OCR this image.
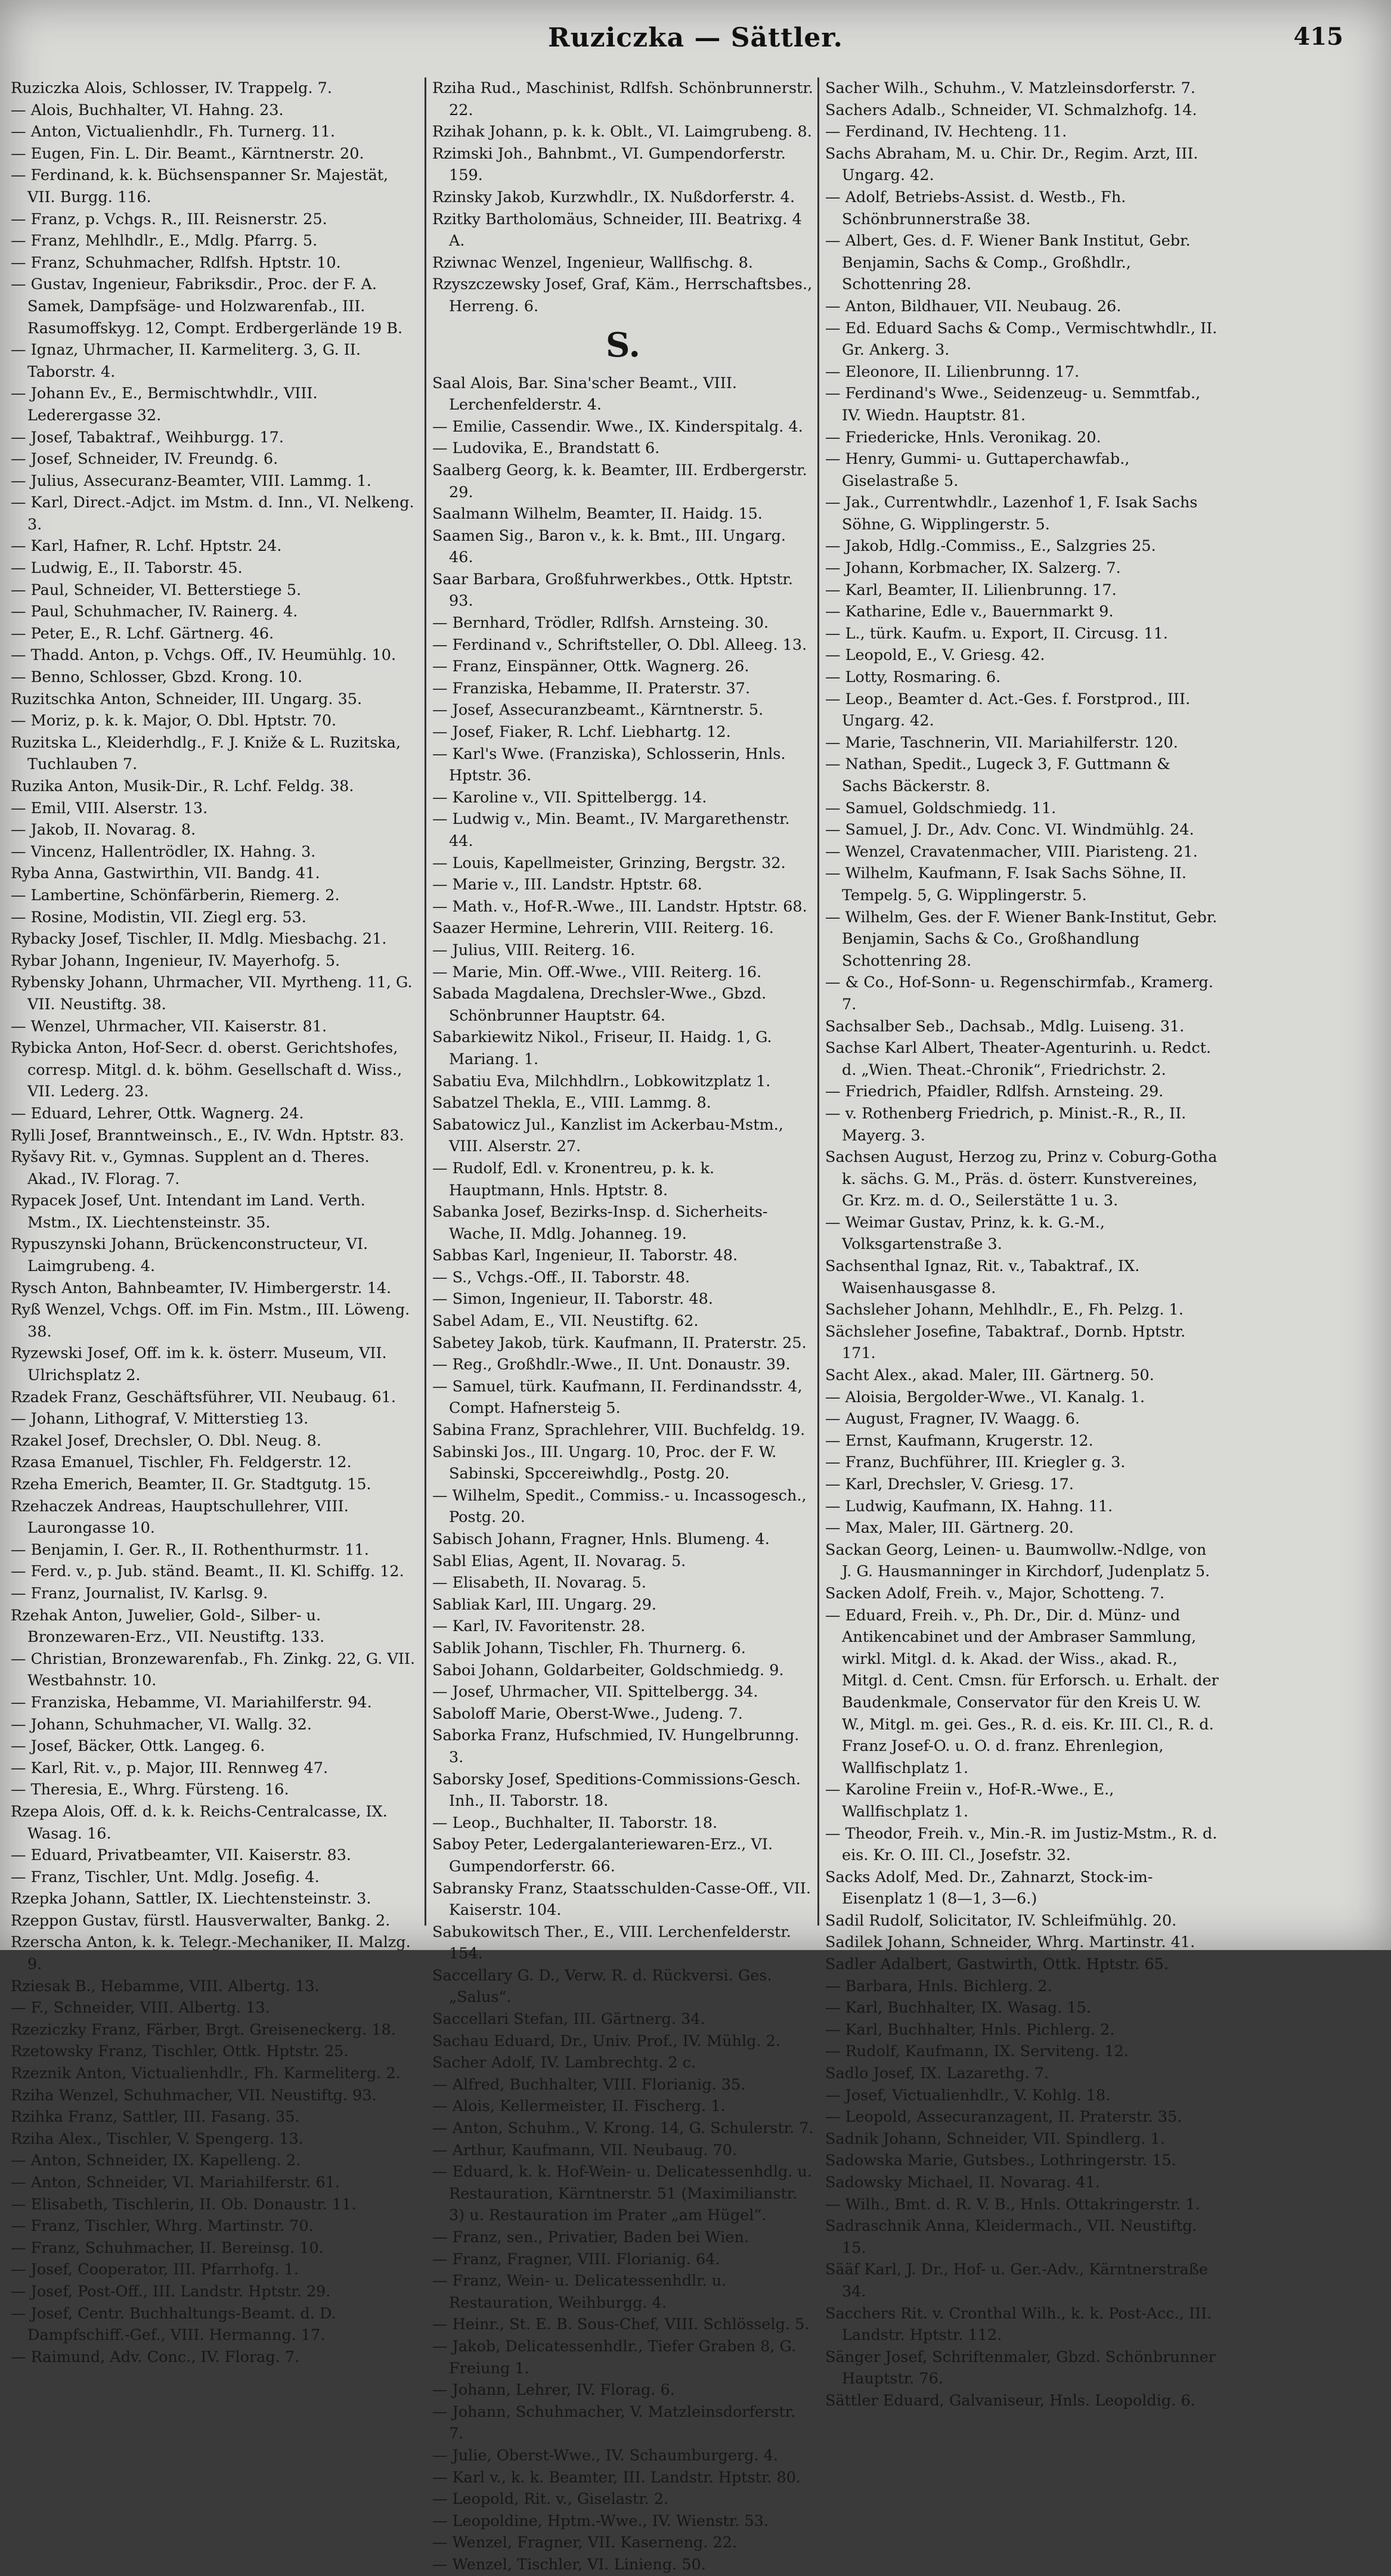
Ruziczka — Sättler.	415
Ruziczka Alois, Schlosser, IV. Trappelg. 7.
— Alois, Buchhalter, VI. Hahng. 23.
— Anton, Victualienhdlr., Fh. Turnerg. 11.
— Eugen, Fin. L. Dir. Beamt., Kärntnerstr. 20.
— Ferdinand, k. k. Büchsenspanner Sr. Majestät, VII. Burgg. 116.
— Franz, p. Vchgs. R., III. Reisnerstr. 25.
— Franz, Mehlhdlr., E., Mdlg. Pfarrg. 5.
— Franz, Schuhmacher, Rdlfsh. Hptstr. 10.
— Gustav, Ingenieur, Fabriksdir., Proc. der F. A. Samek, Dampfsäge- und Holzwarenfab., III. Rasumoffskyg. 12, Compt. Erdbergerlände 19 B.
— Ignaz, Uhrmacher, II. Karmeliterg. 3, G. II. Taborstr. 4.
— Johann Ev., E., Bermischtwhdlr., VIII. Lederergasse 32.
— Josef, Tabaktraf., Weihburgg. 17.
— Josef, Schneider, IV. Freundg. 6.
— Julius, Assecuranz-Beamter, VIII. Lammg. 1.
— Karl, Direct.-Adjct. im Mstm. d. Inn., VI. Nelkeng. 3.
— Karl, Hafner, R. Lchf. Hptstr. 24.
— Ludwig, E., II. Taborstr. 45.
— Paul, Schneider, VI. Betterstiege 5.
— Paul, Schuhmacher, IV. Rainerg. 4.
— Peter, E., R. Lchf. Gärtnerg. 46.
— Thadd. Anton, p. Vchgs. Off., IV. Heumühlg. 10.
— Benno, Schlosser, Gbzd. Krong. 10.
Ruzitschka Anton, Schneider, III. Ungarg. 35.
— Moriz, p. k. k. Major, O. Dbl. Hptstr. 70.
Ruzitska L., Kleiderhdlg., F. J. Kniže & L. Ruzitska, Tuchlauben 7.
Ruzika Anton, Musik-Dir., R. Lchf. Feldg. 38.
— Emil, VIII. Alserstr. 13.
— Jakob, II. Novarag. 8.
— Vincenz, Hallentrödler, IX. Hahng. 3.
Ryba Anna, Gastwirthin, VII. Bandg. 41.
— Lambertine, Schönfärberin, Riemerg. 2.
— Rosine, Modistin, VII. Ziegl erg. 53.
Rybacky Josef, Tischler, II. Mdlg. Miesbachg. 21.
Rybar Johann, Ingenieur, IV. Mayerhofg. 5.
Rybensky Johann, Uhrmacher, VII. Myrtheng. 11, G. VII. Neustiftg. 38.
— Wenzel, Uhrmacher, VII. Kaiserstr. 81.
Rybicka Anton, Hof-Secr. d. oberst. Gerichtshofes, corresp. Mitgl. d. k. böhm. Gesellschaft d. Wiss., VII. Lederg. 23.
— Eduard, Lehrer, Ottk. Wagnerg. 24.
Rylli Josef, Branntweinsch., E., IV. Wdn. Hptstr. 83.
Ryšavy Rit. v., Gymnas. Supplent an d. Theres. Akad., IV. Florag. 7.
Rypacek Josef, Unt. Intendant im Land. Verth. Mstm., IX. Liechtensteinstr. 35.
Rypuszynski Johann, Brückenconstructeur, VI. Laimgrubeng. 4.
Rysch Anton, Bahnbeamter, IV. Himbergerstr. 14.
Ryß Wenzel, Vchgs. Off. im Fin. Mstm., III. Löweng. 38.
Ryzewski Josef, Off. im k. k. österr. Museum, VII. Ulrichsplatz 2.
Rzadek Franz, Geschäftsführer, VII. Neubaug. 61.
— Johann, Lithograf, V. Mitterstieg 13.
Rzakel Josef, Drechsler, O. Dbl. Neug. 8.
Rzasa Emanuel, Tischler, Fh. Feldgerstr. 12.
Rzeha Emerich, Beamter, II. Gr. Stadtgutg. 15.
Rzehaczek Andreas, Hauptschullehrer, VIII. Laurongasse 10.
— Benjamin, I. Ger. R., II. Rothenthurmstr. 11.
— Ferd. v., p. Jub. ständ. Beamt., II. Kl. Schiffg. 12.
— Franz, Journalist, IV. Karlsg. 9.
Rzehak Anton, Juwelier, Gold-, Silber- u. Bronzewaren-Erz., VII. Neustiftg. 133.
— Christian, Bronzewarenfab., Fh. Zinkg. 22, G. VII. Westbahnstr. 10.
— Franziska, Hebamme, VI. Mariahilferstr. 94.
— Johann, Schuhmacher, VI. Wallg. 32.
— Josef, Bäcker, Ottk. Langeg. 6.
— Karl, Rit. v., p. Major, III. Rennweg 47.
— Theresia, E., Whrg. Fürsteng. 16.
Rzepa Alois, Off. d. k. k. Reichs-Centralcasse, IX. Wasag. 16.
— Eduard, Privatbeamter, VII. Kaiserstr. 83.
— Franz, Tischler, Unt. Mdlg. Josefig. 4.
Rzepka Johann, Sattler, IX. Liechtensteinstr. 3.
Rzeppon Gustav, fürstl. Hausverwalter, Bankg. 2.
Rzerscha Anton, k. k. Telegr.-Mechaniker, II. Malzg. 9.
Rziesak B., Hebamme, VIII. Albertg. 13.
— F., Schneider, VIII. Albertg. 13.
Rzeziczky Franz, Färber, Brgt. Greiseneckerg. 18.
Rzetowsky Franz, Tischler, Ottk. Hptstr. 25.
Rzeznik Anton, Victualienhdlr., Fh. Karmeliterg. 2.
Rziha Wenzel, Schuhmacher, VII. Neustiftg. 93.
Rzihka Franz, Sattler, III. Fasang. 35.
Rziha Alex., Tischler, V. Spengerg. 13.
— Anton, Schneider, IX. Kapelleng. 2.
— Anton, Schneider, VI. Mariahilferstr. 61.
— Elisabeth, Tischlerin, II. Ob. Donaustr. 11.
— Franz, Tischler, Whrg. Martinstr. 70.
— Franz, Schuhmacher, II. Bereinsg. 10.
— Josef, Cooperator, III. Pfarrhofg. 1.
— Josef, Post-Off., III. Landstr. Hptstr. 29.
— Josef, Centr. Buchhaltungs-Beamt. d. D. Dampfschiff.-Gef., VIII. Hermanng. 17.
— Raimund, Adv. Conc., IV. Florag. 7.
Rziha Rud., Maschinist, Rdlfsh. Schönbrunnerstr. 22.
Rzihak Johann, p. k. k. Oblt., VI. Laimgrubeng. 8.
Rzimski Joh., Bahnbmt., VI. Gumpendorferstr. 159.
Rzinsky Jakob, Kurzwhdlr., IX. Nußdorferstr. 4.
Rzitky Bartholomäus, Schneider, III. Beatrixg. 4 A.
Rziwnac Wenzel, Ingenieur, Wallfischg. 8.
Rzyszczewsky Josef, Graf, Käm., Herrschaftsbes., Herreng. 6.
S.
Saal Alois, Bar. Sina'scher Beamt., VIII. Lerchenfelderstr. 4.
— Emilie, Cassendir. Wwe., IX. Kinderspitalg. 4.
— Ludovika, E., Brandstatt 6.
Saalberg Georg, k. k. Beamter, III. Erdbergerstr. 29.
Saalmann Wilhelm, Beamter, II. Haidg. 15.
Saamen Sig., Baron v., k. k. Bmt., III. Ungarg. 46.
Saar Barbara, Großfuhrwerkbes., Ottk. Hptstr. 93.
— Bernhard, Trödler, Rdlfsh. Arnsteing. 30.
— Ferdinand v., Schriftsteller, O. Dbl. Alleeg. 13.
— Franz, Einspänner, Ottk. Wagnerg. 26.
— Franziska, Hebamme, II. Praterstr. 37.
— Josef, Assecuranzbeamt., Kärntnerstr. 5.
— Josef, Fiaker, R. Lchf. Liebhartg. 12.
— Karl's Wwe. (Franziska), Schlosserin, Hnls. Hptstr. 36.
— Karoline v., VII. Spittelbergg. 14.
— Ludwig v., Min. Beamt., IV. Margarethenstr. 44.
— Louis, Kapellmeister, Grinzing, Bergstr. 32.
— Marie v., III. Landstr. Hptstr. 68.
— Math. v., Hof-R.-Wwe., III. Landstr. Hptstr. 68.
Saazer Hermine, Lehrerin, VIII. Reiterg. 16.
— Julius, VIII. Reiterg. 16.
— Marie, Min. Off.-Wwe., VIII. Reiterg. 16.
Sabada Magdalena, Drechsler-Wwe., Gbzd. Schönbrunner Hauptstr. 64.
Sabarkiewitz Nikol., Friseur, II. Haidg. 1, G. Mariang. 1.
Sabatiu Eva, Milchhdlrn., Lobkowitzplatz 1.
Sabatzel Thekla, E., VIII. Lammg. 8.
Sabatowicz Jul., Kanzlist im Ackerbau-Mstm., VIII. Alserstr. 27.
— Rudolf, Edl. v. Kronentreu, p. k. k. Hauptmann, Hnls. Hptstr. 8.
Sabanka Josef, Bezirks-Insp. d. Sicherheits-Wache, II. Mdlg. Johanneg. 19.
Sabbas Karl, Ingenieur, II. Taborstr. 48.
— S., Vchgs.-Off., II. Taborstr. 48.
— Simon, Ingenieur, II. Taborstr. 48.
Sabel Adam, E., VII. Neustiftg. 62.
Sabetey Jakob, türk. Kaufmann, II. Praterstr. 25.
— Reg., Großhdlr.-Wwe., II. Unt. Donaustr. 39.
— Samuel, türk. Kaufmann, II. Ferdinandsstr. 4, Compt. Hafnersteig 5.
Sabina Franz, Sprachlehrer, VIII. Buchfeldg. 19.
Sabinski Jos., III. Ungarg. 10, Proc. der F. W. Sabinski, Spccereiwhdlg., Postg. 20.
— Wilhelm, Spedit., Commiss.- u. Incassogesch., Postg. 20.
Sabisch Johann, Fragner, Hnls. Blumeng. 4.
Sabl Elias, Agent, II. Novarag. 5.
— Elisabeth, II. Novarag. 5.
Sabliak Karl, III. Ungarg. 29.
— Karl, IV. Favoritenstr. 28.
Sablik Johann, Tischler, Fh. Thurnerg. 6.
Saboi Johann, Goldarbeiter, Goldschmiedg. 9.
— Josef, Uhrmacher, VII. Spittelbergg. 34.
Saboloff Marie, Oberst-Wwe., Judeng. 7.
Saborka Franz, Hufschmied, IV. Hungelbrunng. 3.
Saborsky Josef, Speditions-Commissions-Gesch. Inh., II. Taborstr. 18.
— Leop., Buchhalter, II. Taborstr. 18.
Saboy Peter, Ledergalanteriewaren-Erz., VI. Gumpendorferstr. 66.
Sabransky Franz, Staatsschulden-Casse-Off., VII. Kaiserstr. 104.
Sabukowitsch Ther., E., VIII. Lerchenfelderstr. 154.
Saccellary G. D., Verw. R. d. Rückversi. Ges. „Salus“.
Saccellari Stefan, III. Gärtnerg. 34.
Sachau Eduard, Dr., Univ. Prof., IV. Mühlg. 2.
Sacher Adolf, IV. Lambrechtg. 2 c.
— Alfred, Buchhalter, VIII. Florianig. 35.
— Alois, Kellermeister, II. Fischerg. 1.
— Anton, Schuhm., V. Krong. 14, G. Schulerstr. 7.
— Arthur, Kaufmann, VII. Neubaug. 70.
— Eduard, k. k. Hof-Wein- u. Delicatessenhdlg. u. Restauration, Kärntnerstr. 51 (Maximilianstr. 3) u. Restauration im Prater „am Hügel“.
— Franz, sen., Privatier, Baden bei Wien.
— Franz, Fragner, VIII. Florianig. 64.
— Franz, Wein- u. Delicatessenhdlr. u. Restauration, Weihburgg. 4.
— Heinr., St. E. B. Sous-Chef, VIII. Schlösselg. 5.
— Jakob, Delicatessenhdlr., Tiefer Graben 8, G. Freiung 1.
— Johann, Lehrer, IV. Florag. 6.
— Johann, Schuhmacher, V. Matzleinsdorferstr. 7.
— Julie, Oberst-Wwe., IV. Schaumburgerg. 4.
— Karl v., k. k. Beamter, III. Landstr. Hptstr. 80.
— Leopold, Rit. v., Giselastr. 2.
— Leopoldine, Hptm.-Wwe., IV. Wienstr. 53.
— Wenzel, Fragner, VII. Kaserneng. 22.
— Wenzel, Tischler, VI. Linieng. 50.
Sacher Wilh., Schuhm., V. Matzleinsdorferstr. 7.
Sachers Adalb., Schneider, VI. Schmalzhofg. 14.
— Ferdinand, IV. Hechteng. 11.
Sachs Abraham, M. u. Chir. Dr., Regim. Arzt, III. Ungarg. 42.
— Adolf, Betriebs-Assist. d. Westb., Fh. Schönbrunnerstraße 38.
— Albert, Ges. d. F. Wiener Bank Institut, Gebr. Benjamin, Sachs & Comp., Großhdlr., Schottenring 28.
— Anton, Bildhauer, VII. Neubaug. 26.
— Ed. Eduard Sachs & Comp., Vermischtwhdlr., II. Gr. Ankerg. 3.
— Eleonore, II. Lilienbrunng. 17.
— Ferdinand's Wwe., Seidenzeug- u. Semmtfab., IV. Wiedn. Hauptstr. 81.
— Friedericke, Hnls. Veronikag. 20.
— Henry, Gummi- u. Guttaperchawfab., Giselastraße 5.
— Jak., Currentwhdlr., Lazenhof 1, F. Isak Sachs Söhne, G. Wipplingerstr. 5.
— Jakob, Hdlg.-Commiss., E., Salzgries 25.
— Johann, Korbmacher, IX. Salzerg. 7.
— Karl, Beamter, II. Lilienbrunng. 17.
— Katharine, Edle v., Bauernmarkt 9.
— L., türk. Kaufm. u. Export, II. Circusg. 11.
— Leopold, E., V. Griesg. 42.
— Lotty, Rosmaring. 6.
— Leop., Beamter d. Act.-Ges. f. Forstprod., III. Ungarg. 42.
— Marie, Taschnerin, VII. Mariahilferstr. 120.
— Nathan, Spedit., Lugeck 3, F. Guttmann & Sachs Bäckerstr. 8.
— Samuel, Goldschmiedg. 11.
— Samuel, J. Dr., Adv. Conc. VI. Windmühlg. 24.
— Wenzel, Cravatenmacher, VIII. Piaristeng. 21.
— Wilhelm, Kaufmann, F. Isak Sachs Söhne, II. Tempelg. 5, G. Wipplingerstr. 5.
— Wilhelm, Ges. der F. Wiener Bank-Institut, Gebr. Benjamin, Sachs & Co., Großhandlung Schottenring 28.
— & Co., Hof-Sonn- u. Regenschirmfab., Kramerg. 7.
Sachsalber Seb., Dachsab., Mdlg. Luiseng. 31.
Sachse Karl Albert, Theater-Agenturinh. u. Redct. d. „Wien. Theat.-Chronik“, Friedrichstr. 2.
— Friedrich, Pfaidler, Rdlfsh. Arnsteing. 29.
— v. Rothenberg Friedrich, p. Minist.-R., R., II. Mayerg. 3.
Sachsen August, Herzog zu, Prinz v. Coburg-Gotha k. sächs. G. M., Präs. d. österr. Kunstvereines, Gr. Krz. m. d. O., Seilerstätte 1 u. 3.
— Weimar Gustav, Prinz, k. k. G.-M., Volksgartenstraße 3.
Sachsenthal Ignaz, Rit. v., Tabaktraf., IX. Waisenhausgasse 8.
Sachsleher Johann, Mehlhdlr., E., Fh. Pelzg. 1.
Sächsleher Josefine, Tabaktraf., Dornb. Hptstr. 171.
Sacht Alex., akad. Maler, III. Gärtnerg. 50.
— Aloisia, Bergolder-Wwe., VI. Kanalg. 1.
— August, Fragner, IV. Waagg. 6.
— Ernst, Kaufmann, Krugerstr. 12.
— Franz, Buchführer, III. Kriegler g. 3.
— Karl, Drechsler, V. Griesg. 17.
— Ludwig, Kaufmann, IX. Hahng. 11.
— Max, Maler, III. Gärtnerg. 20.
Sackan Georg, Leinen- u. Baumwollw.-Ndlge, von J. G. Hausmanninger in Kirchdorf, Judenplatz 5.
Sacken Adolf, Freih. v., Major, Schotteng. 7.
— Eduard, Freih. v., Ph. Dr., Dir. d. Münz- und Antikencabinet und der Ambraser Sammlung, wirkl. Mitgl. d. k. Akad. der Wiss., akad. R., Mitgl. d. Cent. Cmsn. für Erforsch. u. Erhalt. der Baudenkmale, Conservator für den Kreis U. W. W., Mitgl. m. gei. Ges., R. d. eis. Kr. III. Cl., R. d. Franz Josef-O. u. O. d. franz. Ehrenlegion, Wallfischplatz 1.
— Karoline Freiin v., Hof-R.-Wwe., E., Wallfischplatz 1.
— Theodor, Freih. v., Min.-R. im Justiz-Mstm., R. d. eis. Kr. O. III. Cl., Josefstr. 32.
Sacks Adolf, Med. Dr., Zahnarzt, Stock-im-Eisenplatz 1 (8—1, 3—6.)
Sadil Rudolf, Solicitator, IV. Schleifmühlg. 20.
Sadilek Johann, Schneider, Whrg. Martinstr. 41.
Sadler Adalbert, Gastwirth, Ottk. Hptstr. 65.
— Barbara, Hnls. Bichlerg. 2.
— Karl, Buchhalter, IX. Wasag. 15.
— Karl, Buchhalter, Hnls. Pichlerg. 2.
— Rudolf, Kaufmann, IX. Serviteng. 12.
Sadlo Josef, IX. Lazarethg. 7.
— Josef, Victualienhdlr., V. Kohlg. 18.
— Leopold, Assecuranzagent, II. Praterstr. 35.
Sadnik Johann, Schneider, VII. Spindlerg. 1.
Sadowska Marie, Gutsbes., Lothringerstr. 15.
Sadowsky Michael, II. Novarag. 41.
— Wilh., Bmt. d. R. V. B., Hnls. Ottakringerstr. 1.
Sadraschnik Anna, Kleidermach., VII. Neustiftg. 15.
Sääf Karl, J. Dr., Hof- u. Ger.-Adv., Kärntnerstraße 34.
Sacchers Rit. v. Cronthal Wilh., k. k. Post-Acc., III. Landstr. Hptstr. 112.
Sänger Josef, Schriftenmaler, Gbzd. Schönbrunner Hauptstr. 76.
Sättler Eduard, Galvaniseur, Hnls. Leopoldig. 6.
